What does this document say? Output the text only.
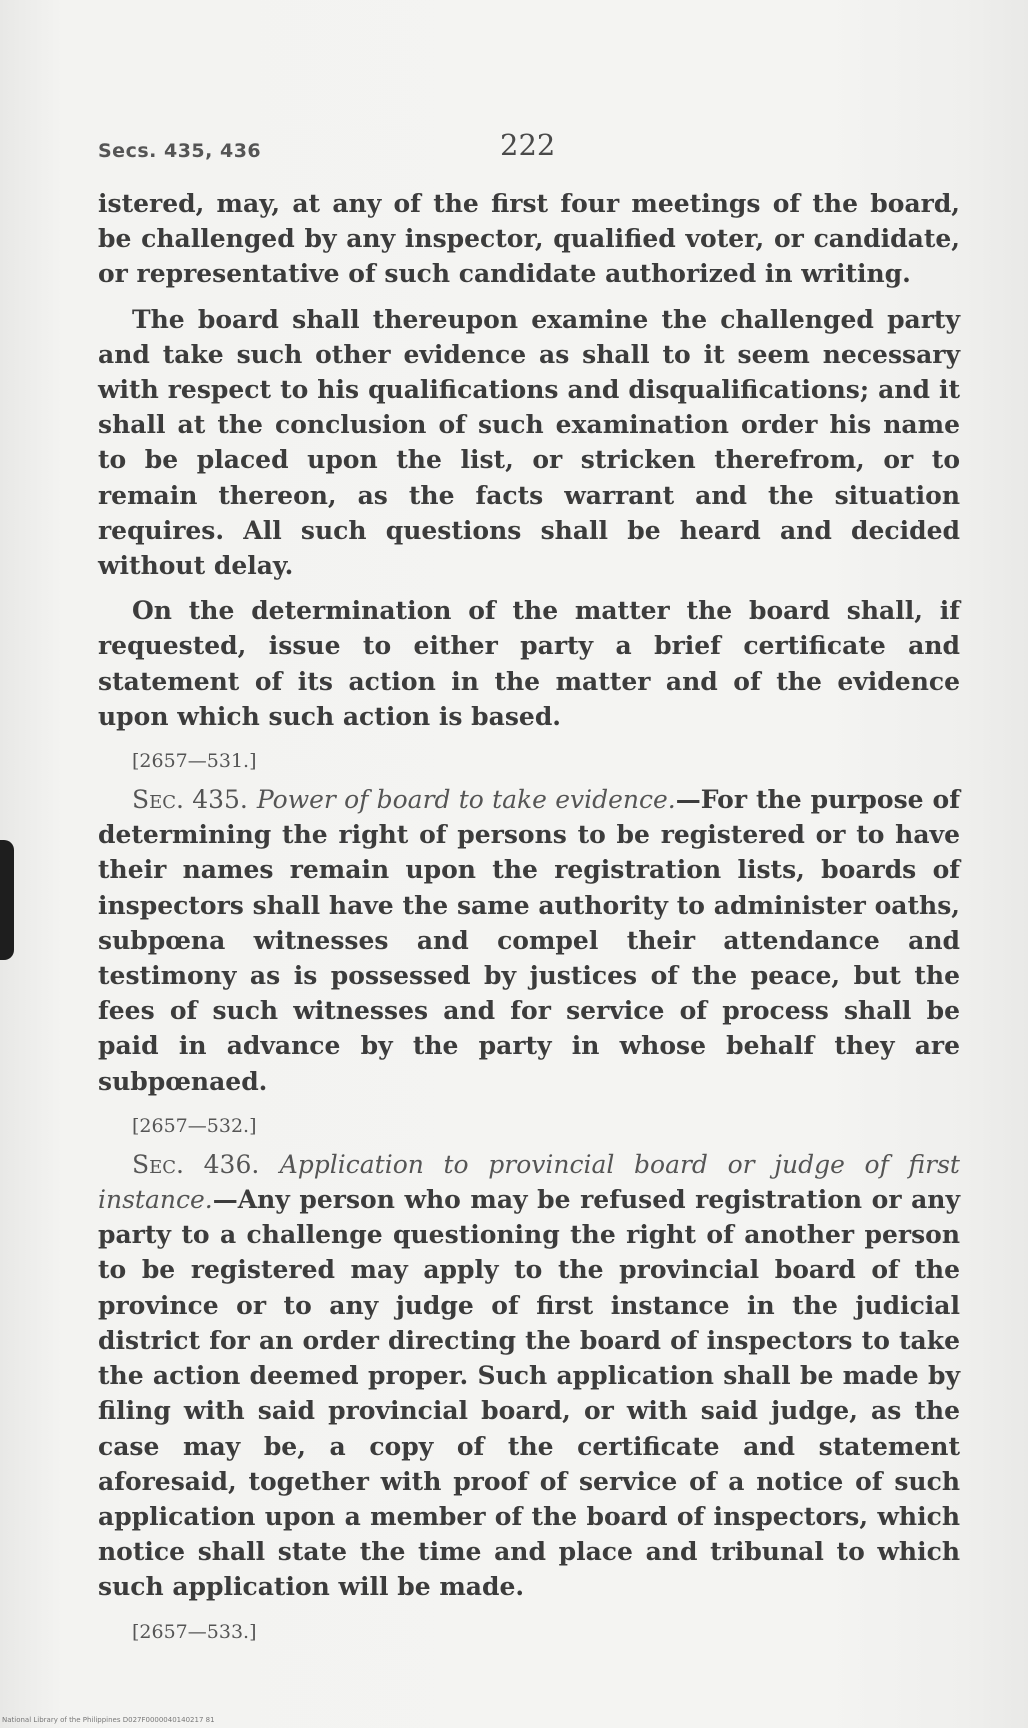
Secs. 435, 436	222

istered, may, at any of the first four meetings of the board, be challenged by any inspector, qualified voter, or candidate, or representative of such candidate authorized in writing.

The board shall thereupon examine the challenged party and take such other evidence as shall to it seem necessary with respect to his qualifications and disqualifications; and it shall at the conclusion of such examination order his name to be placed upon the list, or stricken therefrom, or to remain thereon, as the facts warrant and the situation requires. All such questions shall be heard and decided without delay.

On the determination of the matter the board shall, if requested, issue to either party a brief certificate and statement of its action in the matter and of the evidence upon which such action is based.

[2657—531.]

Sec. 435. Power of board to take evidence.—For the purpose of determining the right of persons to be registered or to have their names remain upon the registration lists, boards of inspectors shall have the same authority to administer oaths, subpœna witnesses and compel their attendance and testimony as is possessed by justices of the peace, but the fees of such witnesses and for service of process shall be paid in advance by the party in whose behalf they are subpœnaed.

[2657—532.]

Sec. 436. Application to provincial board or judge of first instance.—Any person who may be refused registration or any party to a challenge questioning the right of another person to be registered may apply to the provincial board of the province or to any judge of first instance in the judicial district for an order directing the board of inspectors to take the action deemed proper. Such application shall be made by filing with said provincial board, or with said judge, as the case may be, a copy of the certificate and statement aforesaid, together with proof of service of a notice of such application upon a member of the board of inspectors, which notice shall state the time and place and tribunal to which such application will be made.

[2657—533.]
National Library of the Philippines D027F0000040140217 81
